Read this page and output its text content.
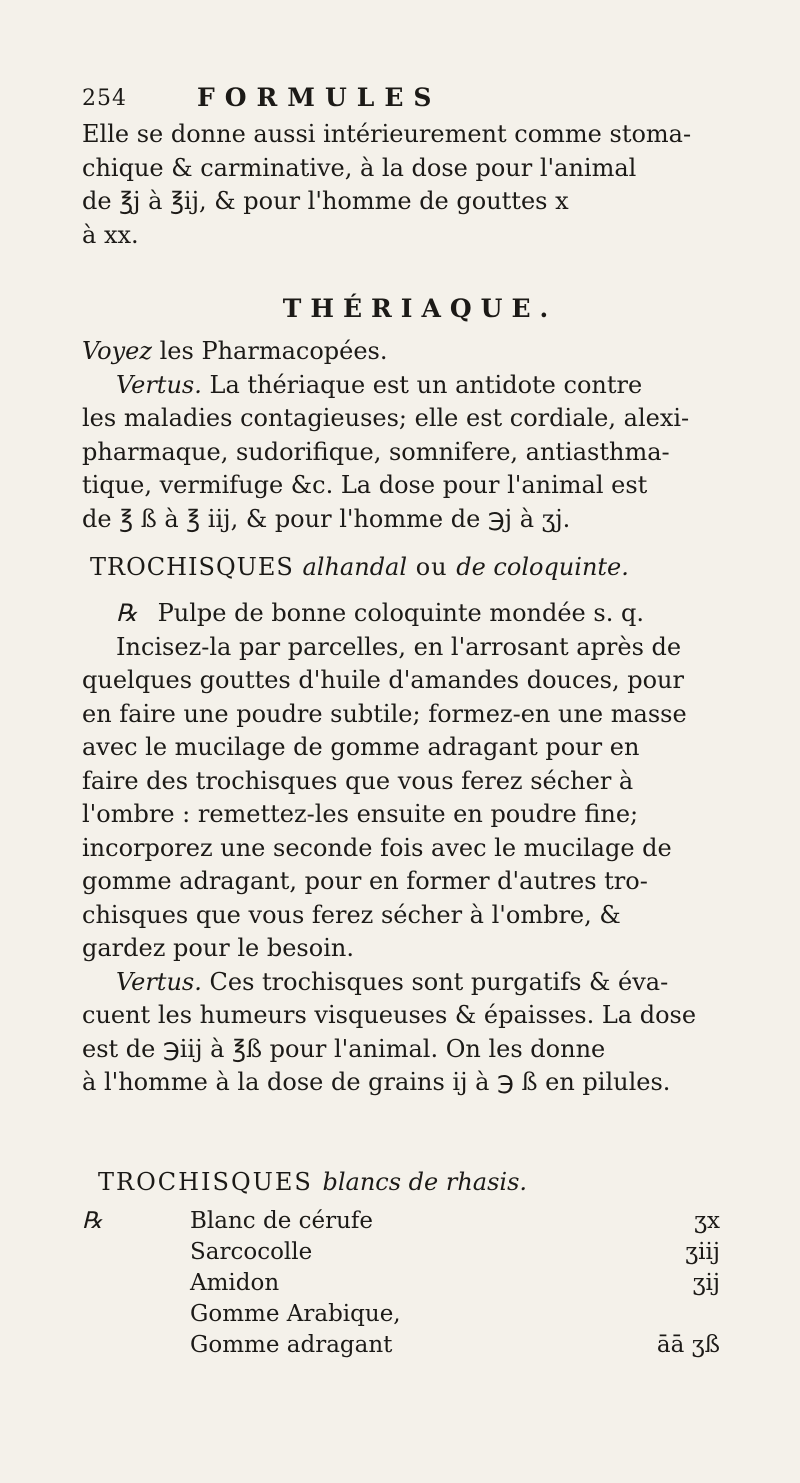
254	FORMULES

Elle se donne aussi intérieurement comme stoma-

chique & carminative, à la dose pour l'animal

de ℥j à ℥ij, & pour l'homme de gouttes x

à xx.

THÉRIAQUE.

Voyez les Pharmacopées.

Vertus. La thériaque est un antidote contre

les maladies contagieuses; elle est cordiale, alexi-

pharmaque, sudorifique, somnifere, antiasthma-

tique, vermifuge &c. La dose pour l'animal est

de ℥ ß à ℥ iij, & pour l'homme de ℈j à ʒj.

TROCHISQUES alhandal ou de coloquinte.

℞ Pulpe de bonne coloquinte mondée s. q.

Incisez-la par parcelles, en l'arrosant après de

quelques gouttes d'huile d'amandes douces, pour

en faire une poudre subtile; formez-en une masse

avec le mucilage de gomme adragant pour en

faire des trochisques que vous ferez sécher à

l'ombre : remettez-les ensuite en poudre fine;

incorporez une seconde fois avec le mucilage de

gomme adragant, pour en former d'autres tro-

chisques que vous ferez sécher à l'ombre, &

gardez pour le besoin.

Vertus. Ces trochisques sont purgatifs & éva-

cuent les humeurs visqueuses & épaisses. La dose

est de ℈iij à ℥ß pour l'animal. On les donne

à l'homme à la dose de grains ij à ℈ ß en pilules.

TROCHISQUES blancs de rhasis.
℞	Blanc de cérufe	ʒx
Sarcocolle	ʒiij
Amidon	ʒij
Gomme Arabique,
Gomme adragant	āā ʒß
